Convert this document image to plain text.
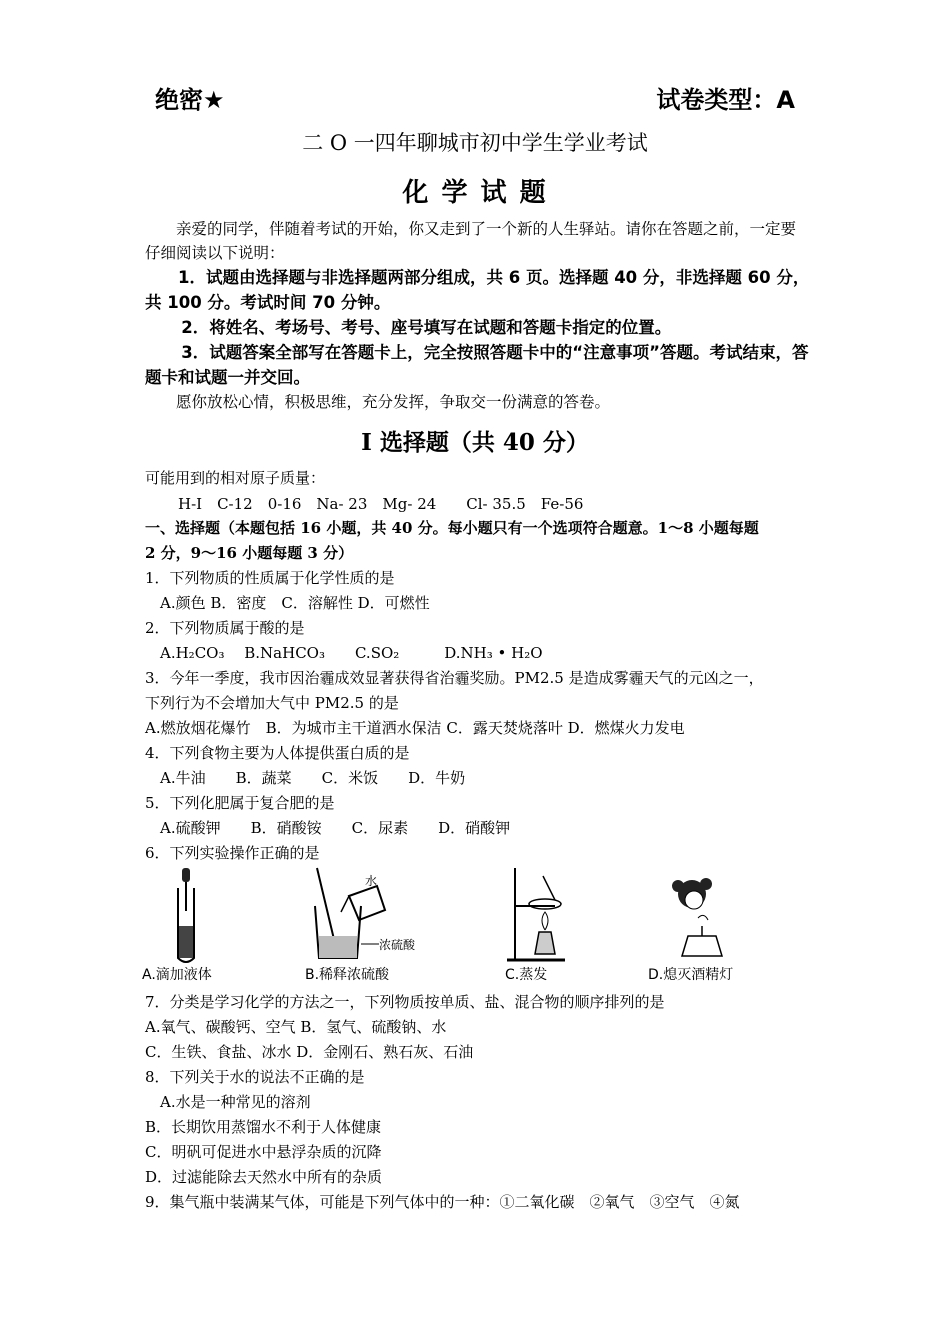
绝密★	试卷类型：A
二 O 一四年聊城市初中学生学业考试
化 学 试 题
亲爱的同学，伴随着考试的开始，你又走到了一个新的人生驿站。请你在答题之前，一定要仔细阅读以下说明：
1．试题由选择题与非选择题两部分组成，共 6 页。选择题 40 分，非选择题 60 分，共 100 分。考试时间 70 分钟。
2．将姓名、考场号、考号、座号填写在试题和答题卡指定的位置。
3．试题答案全部写在答题卡上，完全按照答题卡中的“注意事项”答题。考试结束，答题卡和试题一并交回。
愿你放松心情，积极思维，充分发挥，争取交一份满意的答卷。
I 选择题（共 40 分）
可能用到的相对原子质量：
H-I　C-12　0-16　Na- 23　Mg- 24　　Cl- 35.5　Fe-56
一、选择题（本题包括 16 小题，共 40 分。每小题只有一个选项符合题意。1～8 小题每题
2 分，9～16 小题每题 3 分）
1．下列物质的性质属于化学性质的是
A.颜色 B．密度　C．溶解性 D．可燃性
2．下列物质属于酸的是
A.H₂CO₃　 B.NaHCO₃　　C.SO₂　　　D.NH₃ • H₂O
3．今年一季度，我市因治霾成效显著获得省治霾奖励。PM2.5 是造成雾霾天气的元凶之一，
下列行为不会增加大气中 PM2.5 的是
A.燃放烟花爆竹　B．为城市主干道洒水保洁 C．露天焚烧落叶 D．燃煤火力发电
4．下列食物主要为人体提供蛋白质的是
A.牛油　　B．蔬菜　　C．米饭　　D．牛奶
5．下列化肥属于复合肥的是
A.硫酸钾　　B．硝酸铵　　C．尿素　　D．硝酸钾
6．下列实验操作正确的是
A.滴加液体
水
浓硫酸
B.稀释浓硫酸	C.蒸发	D.熄灭酒精灯
7．分类是学习化学的方法之一，下列物质按单质、盐、混合物的顺序排列的是
A.氧气、碳酸钙、空气 B．氢气、硫酸钠、水
C．生铁、食盐、冰水 D．金刚石、熟石灰、石油
8．下列关于水的说法不正确的是
A.水是一种常见的溶剂
B．长期饮用蒸馏水不利于人体健康
C．明矾可促进水中悬浮杂质的沉降
D．过滤能除去天然水中所有的杂质
9．集气瓶中装满某气体，可能是下列气体中的一种：①二氧化碳　②氧气　③空气　④氮
